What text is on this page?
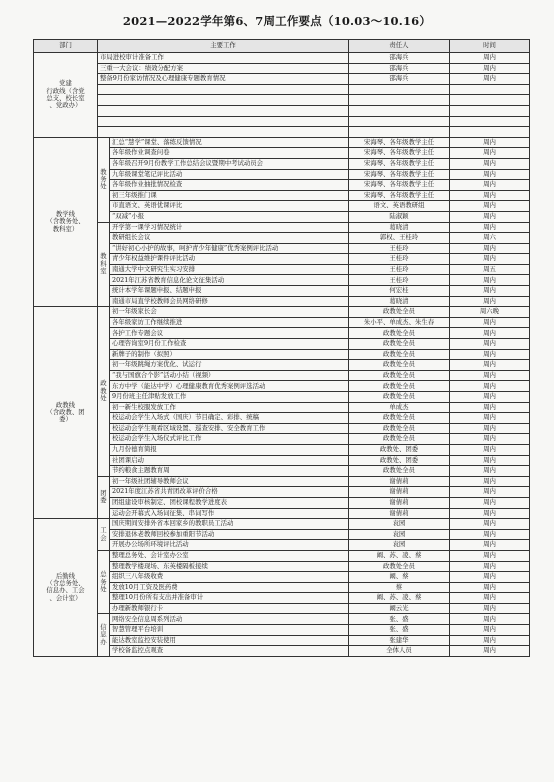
2021—2022学年第6、7周工作要点（10.03～10.16）
部门	主要工作		责任人	时间
党建
行政线（含党
总支、校长室
、党政办）	市局进校审计准备工作		邵海兵	周内
	三重一大会议：绩效分配方案		邵海兵	周内
	整备9月份家访情况及心理健康专题教育情况		邵海兵	周内

教学线
（含教务处、
教科室）	教
务
处	汇总“慧学”课堂、落练反馈情况	宋海琴、各年级教学主任	周内
		各年级作业调查问卷	宋海琴、各年级教学主任	周内
		各年级召开9月份教学工作总结会议暨期中考试动员会	宋海琴、各年级教学主任	周内
		九年级课堂笔记评比活动	宋海琴、各年级教学主任	周内
		各年级作业抽批情况检查	宋海琴、各年级教学主任	周内
		初三年级推门课	宋海琴、各年级教学主任	周内
		市直语文、英语优课评比	语文、英语教研组	周内
		“双减”小报	陆淑颖	周内
	教
科
室	开学第一课学习情况统计	葛晓清	周内
		教研组长会议	郭权、王桂玲	周六
		“讲好初心小护的故事，呵护青少年健康”优秀案例评比活动	王桂玲	周内
		青少年权益维护课件评比活动	王桂玲	周内
		南通大学中文研究生实习安排	王桂玲	周五
		2021年江苏省教育信息化论文征集活动	王桂玲	周内
		统计本学年课题申报、结题申报	何宏桂	周内
		南通市局直学校教师会员网络研修	葛晓清	周内
政教线
（含政教、团
委）	政
教
处	初一年级家长会	政教处全员	周六晚
		各年级家访工作继续推进	朱小平、单成杰、朱生春	周内
		各护工作专题会议	政教处全员	周内
		心理咨询室9月份工作检查	政教处全员	周内
		新牌子的制作（拟照）	政教处全员	周内
		初一年级跳绳方案优化、试运行	政教处全员	周内
		“我与国旗合个影”活动小结（视频）	政教处全员	周内
		东方中学（能达中学）心理健康教育优秀案例评选活动	政教处全员	周内
		9月份班主任津贴发放工作	政教处全员	周内
		初一新生校服发放工作	单成杰	周内
		校运动会学生入场式（国庆）节目确定、彩排、统稿	政教处全员	周内
		校运动会学生观看区域设置、巡查安排、安全教育工作	政教处全员	周内
		校运动会学生入场仪式评比工作	政教处全员	周内
		九月份德育简报	政教处、团委	周内
		社团课启动	政教处、团委	周内
		节约粮食主题教育周	政教处全员	周内
	团
委	初一年级社团辅导教师会议	谢倩莉	周内
		2021年度江苏省共青团改革评价合格	谢倩莉	周内
		团组建设审核制定、团校课程教学进度表	谢倩莉	周内
		运动会开幕式入场词征集、串词写作	谢倩莉	周内
后勤线
（含总务处、
信息办、工会
、会计室）	工
会	国庆期间安排外省本回家乡的教职员工活动	袁园	周内
		安排退休老教师回校参加重阳节活动	袁园	周内
		开展办公场所环境评比活动	袁园	周内
	总
务
处	整理总务处、会计室办公室	阚、苏、凌、蔡	周内
		整理教学楼现场、东英楼隔板接续	政教处全员	周内
		组织三八年级收费	阚、蔡	周内
		发放10月工资及医药费	蔡	周内
		整理10月份所有支出并准备审计	阚、苏、凌、蔡	周内
		办理新教师银行卡	阚云光	周内
	信
息
办	网络安全信息周系列活动	张、盛	周内
		智慧管理平台培训	张、盛	周内
		能达教室监控安装使用	张建华	周内
		学校备监控点观查	全体人员	周内
